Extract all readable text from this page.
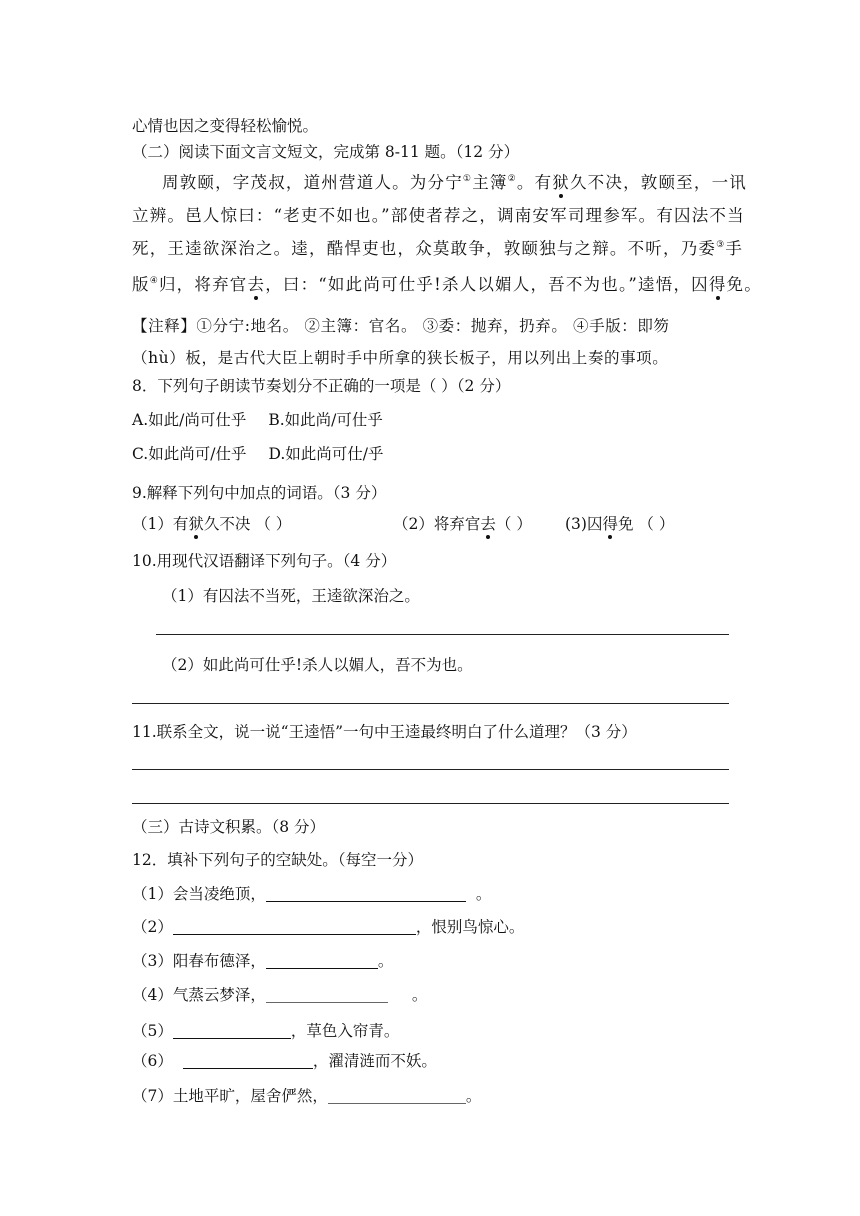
心情也因之变得轻松愉悦。
（二）阅读下面文言文短文，完成第 8-11 题。（12 分）
周敦颐，字茂叔，道州营道人。为分宁①主簿②。有狱久不决，敦颐至，一讯
立辨。邑人惊曰：“老吏不如也。”部使者荐之，调南安军司理参军。有囚法不当
死，王逵欲深治之。逵，酷悍吏也，众莫敢争，敦颐独与之辩。不听，乃委③手
版④归，将弃官去，曰：“如此尚可仕乎!杀人以媚人，吾不为也。”逵悟，囚得免。
【注释】①分宁:地名。 ②主簿：官名。 ③委：抛弃，扔弃。 ④手版：即笏
（hù）板，是古代大臣上朝时手中所拿的狭长板子，用以列出上奏的事项。
8．下列句子朗读节奏划分不正确的一项是（ ）（2 分）
A.如此/尚可仕乎 B.如此尚/可仕乎
C.如此尚可/仕乎 D.如此尚可仕/乎
9.解释下列句中加点的词语。（3 分）
（1）有狱久不决 （ ）	（2）将弃官去（ ） (3)囚得免 （ ）
10.用现代汉语翻译下列句子。（4 分）
（1）有囚法不当死，王逵欲深治之。
（2）如此尚可仕乎!杀人以媚人，吾不为也。
11.联系全文，说一说“王逵悟”一句中王逵最终明白了什么道理？（3 分）
（三）古诗文积累。（8 分）
12．填补下列句子的空缺处。（每空一分）
（1）会当凌绝顶，	。
（2）	，恨别鸟惊心。
（3）阳春布德泽，	。
（4）气蒸云梦泽，	。
（5）	，草色入帘青。
（6）	，濯清涟而不妖。
（7）土地平旷，屋舍俨然，	。
